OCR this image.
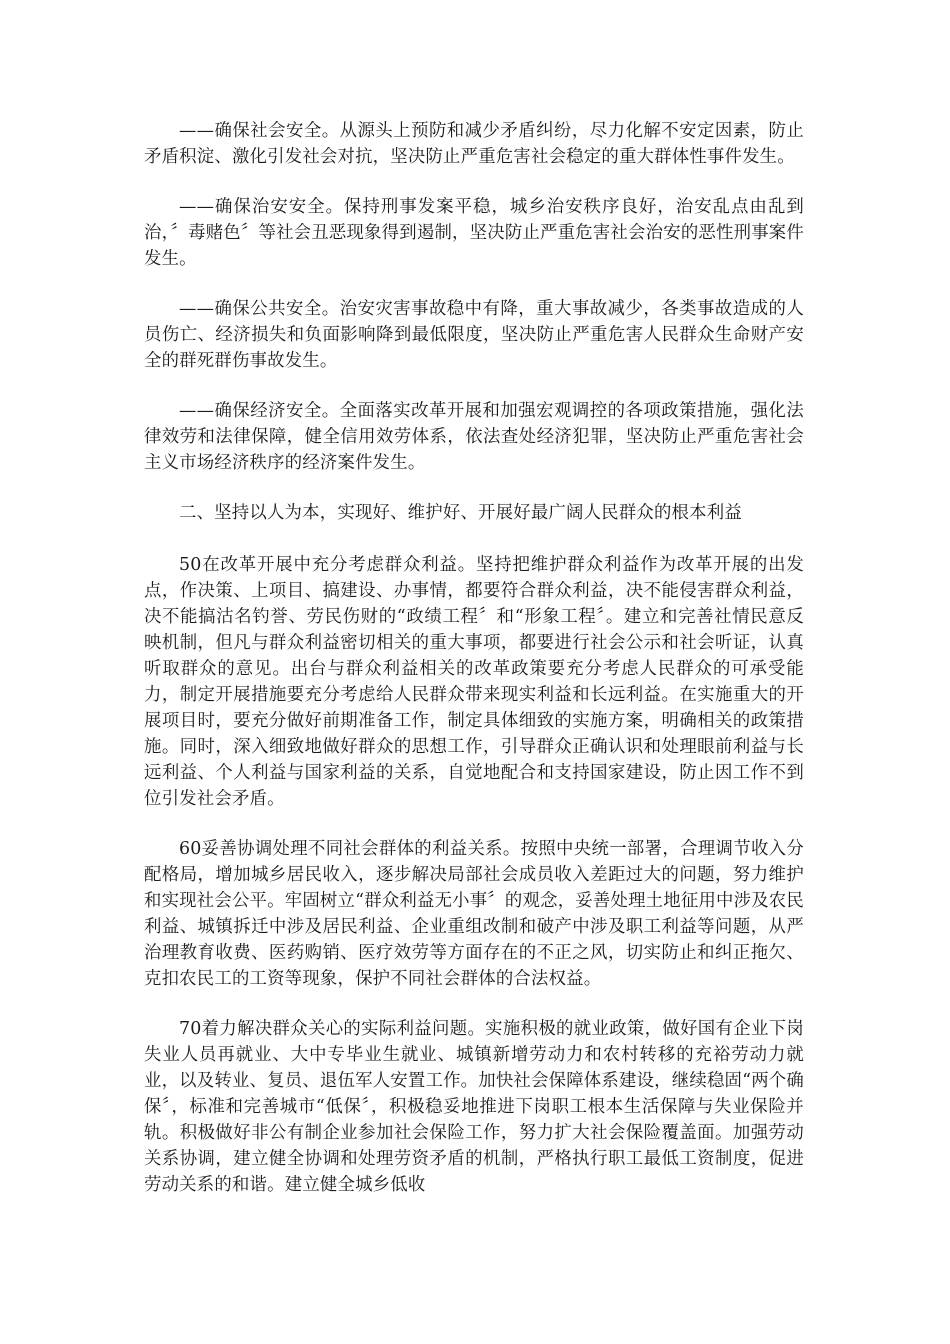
——确保社会安全。从源头上预防和减少矛盾纠纷，尽力化解不安定因素，防止矛盾积淀、激化引发社会对抗，坚决防止严重危害社会稳定的重大群体性事件发生。

——确保治安安全。保持刑事发案平稳，城乡治安秩序良好，治安乱点由乱到治，〞毒赌色〞等社会丑恶现象得到遏制，坚决防止严重危害社会治安的恶性刑事案件发生。

——确保公共安全。治安灾害事故稳中有降，重大事故减少，各类事故造成的人员伤亡、经济损失和负面影响降到最低限度，坚决防止严重危害人民群众生命财产安全的群死群伤事故发生。

——确保经济安全。全面落实改革开展和加强宏观调控的各项政策措施，强化法律效劳和法律保障，健全信用效劳体系，依法查处经济犯罪，坚决防止严重危害社会主义市场经济秩序的经济案件发生。

二、坚持以人为本，实现好、维护好、开展好最广阔人民群众的根本利益

50在改革开展中充分考虑群众利益。坚持把维护群众利益作为改革开展的出发点，作决策、上项目、搞建设、办事情，都要符合群众利益，决不能侵害群众利益，决不能搞沽名钓誉、劳民伤财的“政绩工程〞和“形象工程〞。建立和完善社情民意反映机制，但凡与群众利益密切相关的重大事项，都要进行社会公示和社会听证，认真听取群众的意见。出台与群众利益相关的改革政策要充分考虑人民群众的可承受能力，制定开展措施要充分考虑给人民群众带来现实利益和长远利益。在实施重大的开展项目时，要充分做好前期准备工作，制定具体细致的实施方案，明确相关的政策措施。同时，深入细致地做好群众的思想工作，引导群众正确认识和处理眼前利益与长远利益、个人利益与国家利益的关系，自觉地配合和支持国家建设，防止因工作不到位引发社会矛盾。

60妥善协调处理不同社会群体的利益关系。按照中央统一部署，合理调节收入分配格局，增加城乡居民收入，逐步解决局部社会成员收入差距过大的问题，努力维护和实现社会公平。牢固树立“群众利益无小事〞的观念，妥善处理土地征用中涉及农民利益、城镇拆迁中涉及居民利益、企业重组改制和破产中涉及职工利益等问题，从严治理教育收费、医药购销、医疗效劳等方面存在的不正之风，切实防止和纠正拖欠、克扣农民工的工资等现象，保护不同社会群体的合法权益。

70着力解决群众关心的实际利益问题。实施积极的就业政策，做好国有企业下岗失业人员再就业、大中专毕业生就业、城镇新增劳动力和农村转移的充裕劳动力就业，以及转业、复员、退伍军人安置工作。加快社会保障体系建设，继续稳固“两个确保〞，标准和完善城市“低保〞，积极稳妥地推进下岗职工根本生活保障与失业保险并轨。积极做好非公有制企业参加社会保险工作，努力扩大社会保险覆盖面。加强劳动关系协调，建立健全协调和处理劳资矛盾的机制，严格执行职工最低工资制度，促进劳动关系的和谐。建立健全城乡低收
